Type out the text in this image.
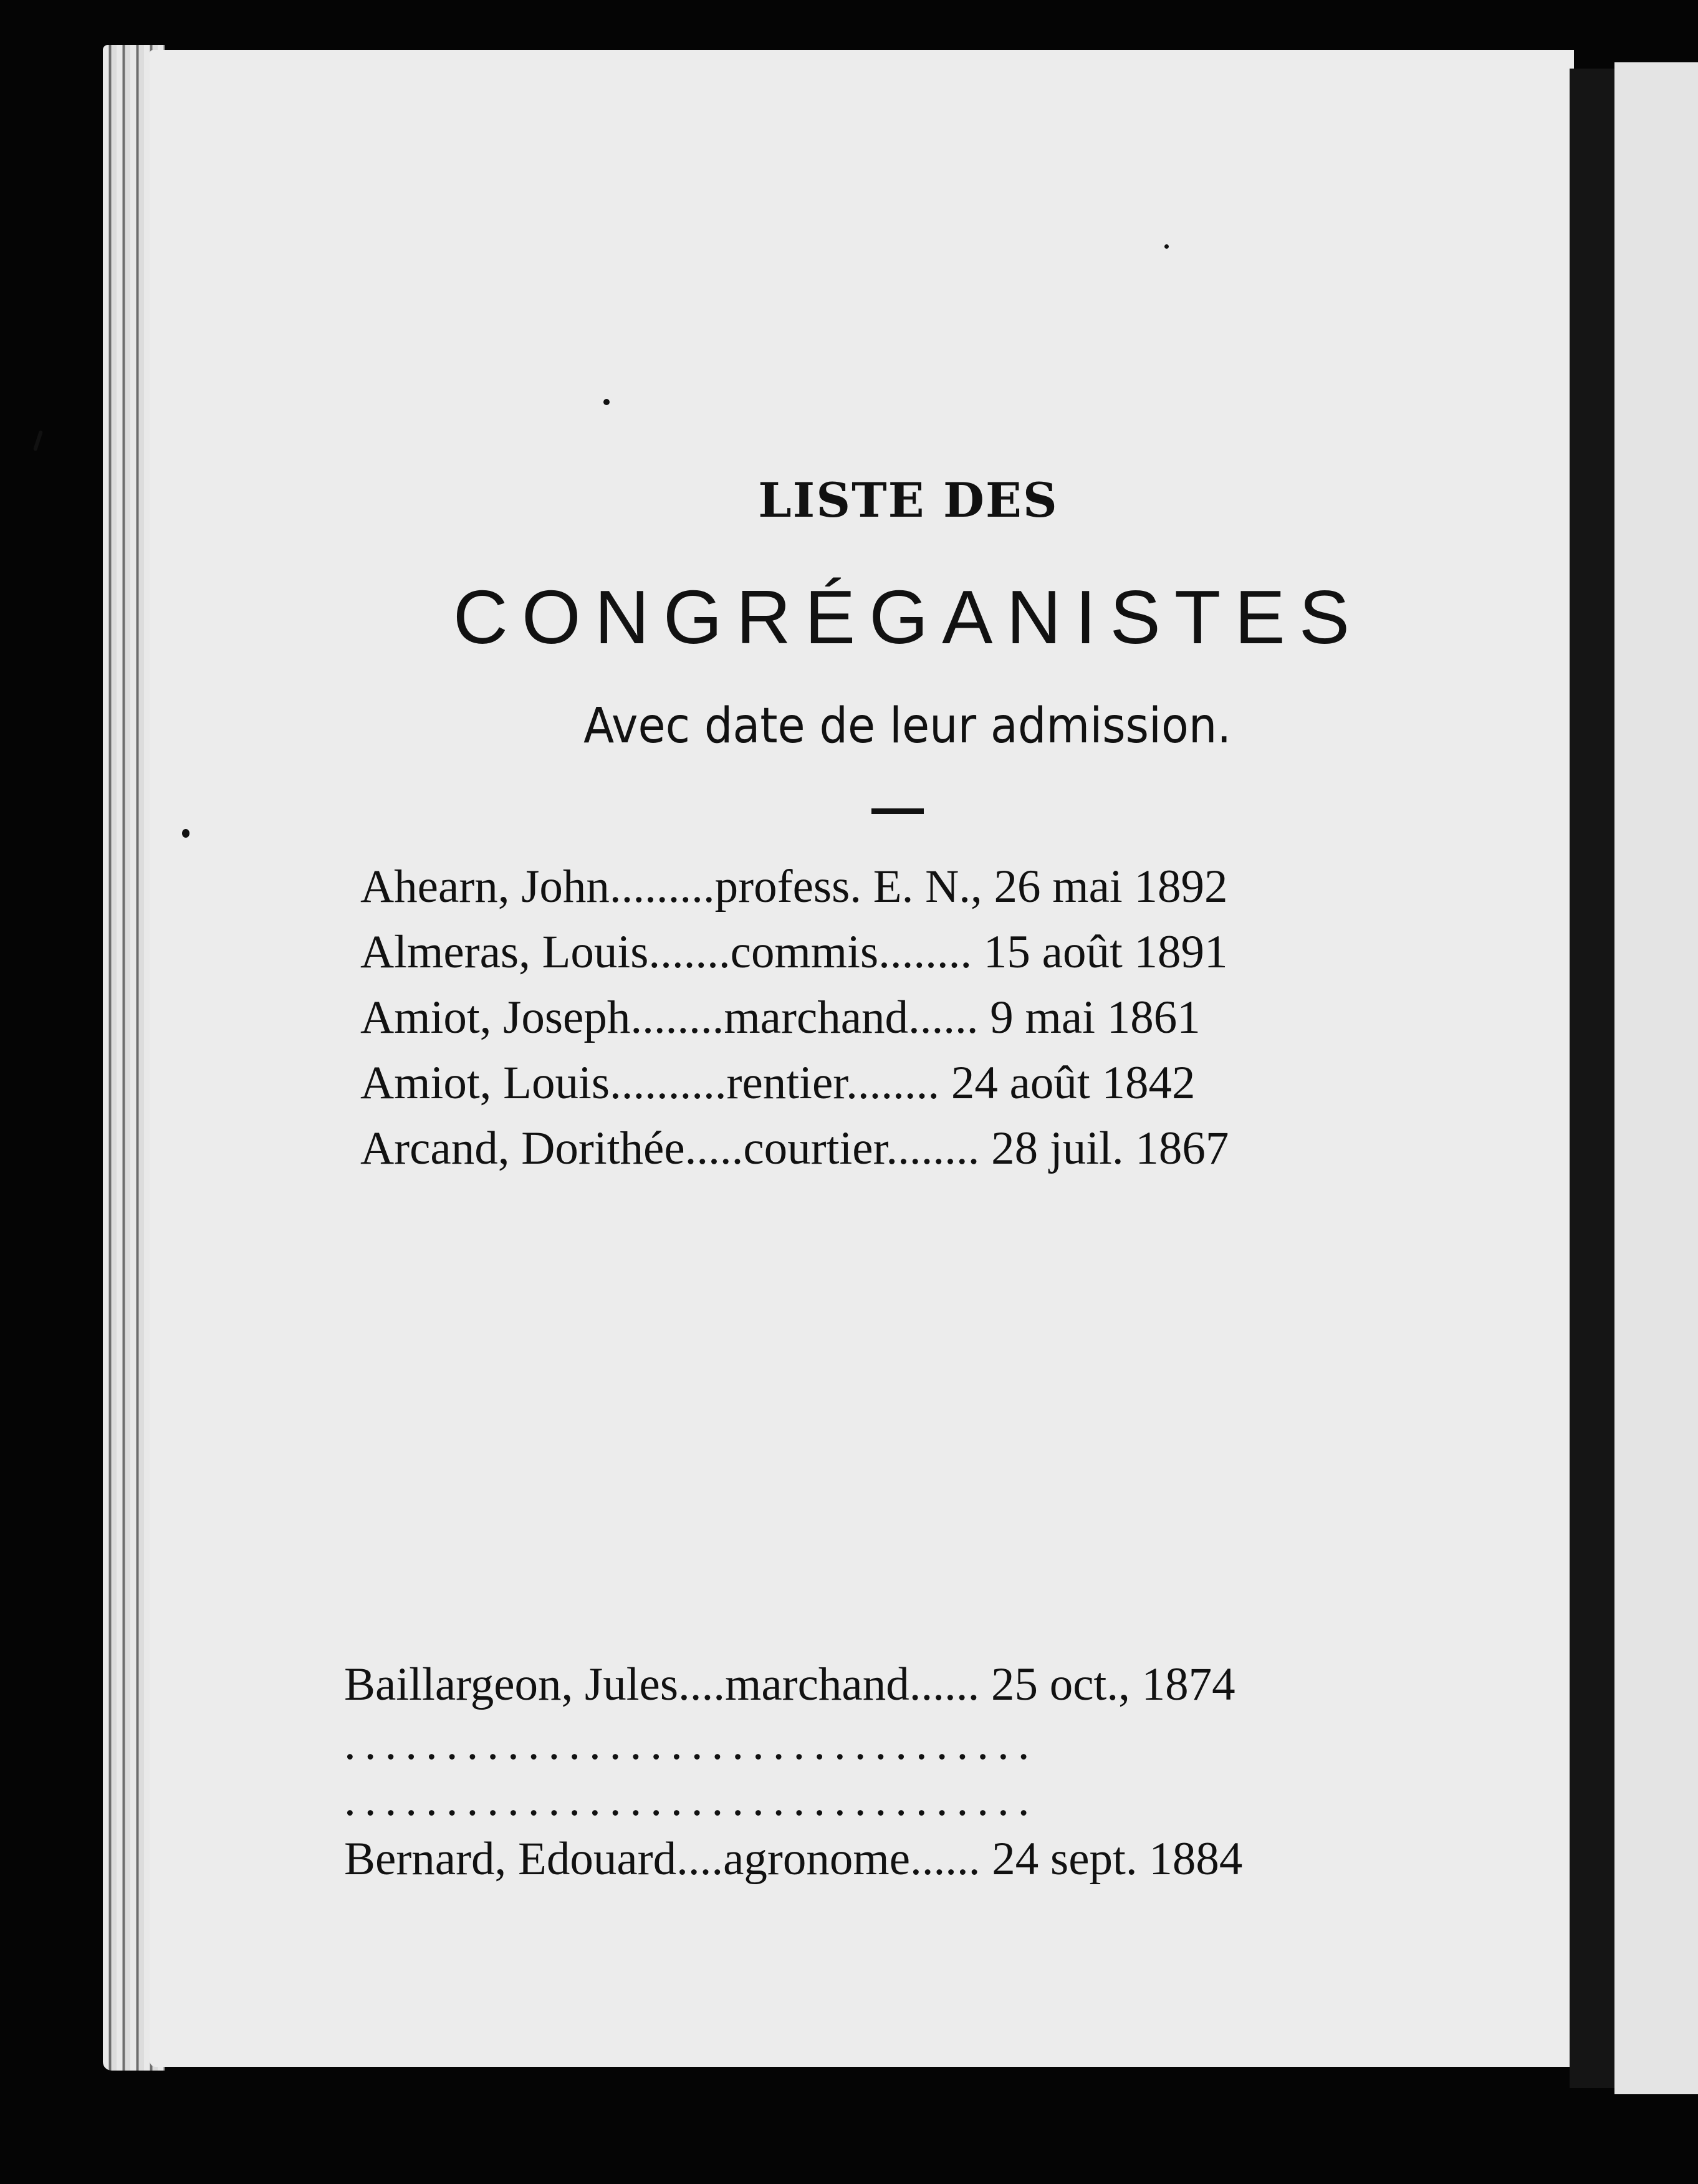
LISTE DES
CONGRÉGANISTES
Avec date de leur admission.
Ahearn, John.........profess. E. N., 26 mai 1892
Almeras, Louis.......commis........ 15 août 1891
Amiot, Joseph........marchand...... 9 mai 1861
Amiot, Louis..........rentier........ 24 août 1842
Arcand, Dorithée.....courtier........ 28 juil. 1867
Baillargeon, Jules....marchand...... 25 oct., 1874
..................................
..................................
Bernard, Edouard....agronome...... 24 sept. 1884
